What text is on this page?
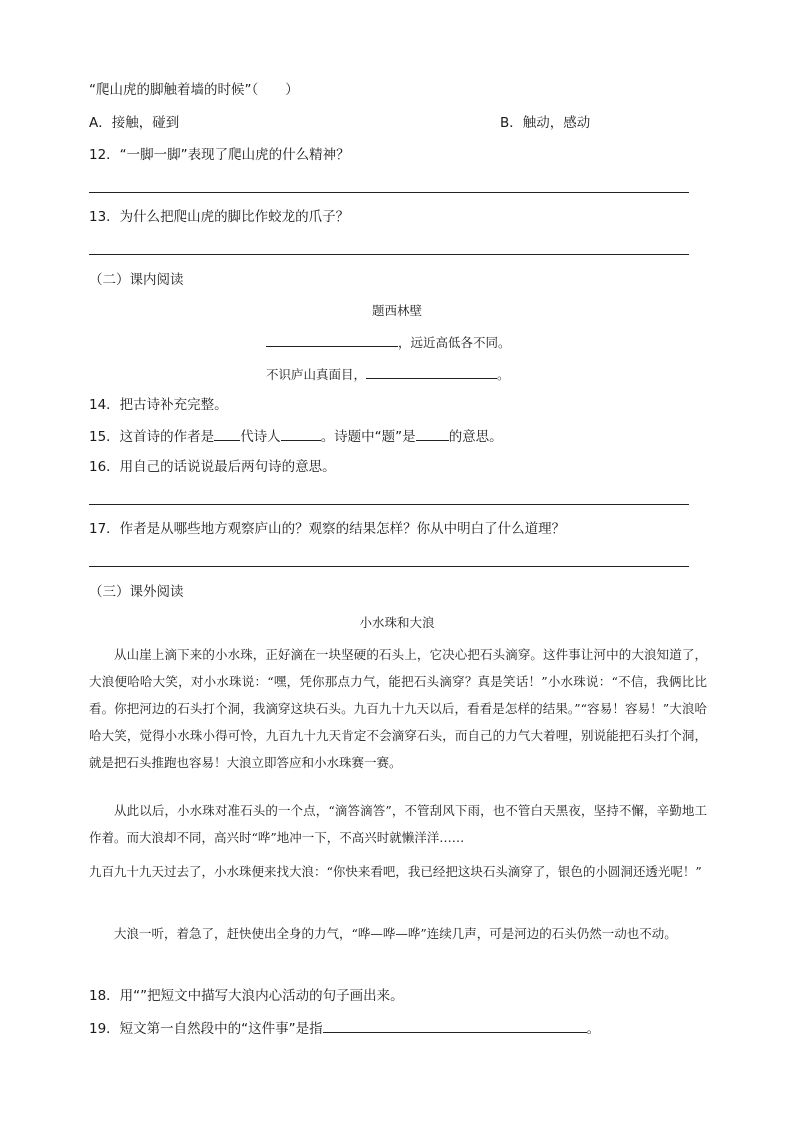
“爬山虎的脚触着墙的时候”（　　）
A．接触，碰到	B．触动，感动
12．“一脚一脚”表现了爬山虎的什么精神？
13．为什么把爬山虎的脚比作蛟龙的爪子？
（二）课内阅读
题西林壁
，远近高低各不同。
不识庐山真面目，	。
14．把古诗补充完整。
15．这首诗的作者是 代诗人	。诗题中“题”是 的意思。
16．用自己的话说说最后两句诗的意思。
17．作者是从哪些地方观察庐山的？观察的结果怎样？你从中明白了什么道理？
（三）课外阅读
小水珠和大浪
从山崖上滴下来的小水珠，正好滴在一块坚硬的石头上，它决心把石头滴穿。这件事让河中的大浪知道了，大浪便哈哈大笑，对小水珠说：“嘿，凭你那点力气，能把石头滴穿？真是笑话！”小水珠说：“不信，我俩比比看。你把河边的石头打个洞，我滴穿这块石头。九百九十九天以后，看看是怎样的结果。”“容易！容易！”大浪哈哈大笑，觉得小水珠小得可怜，九百九十九天肯定不会滴穿石头，而自己的力气大着哩，别说能把石头打个洞，就是把石头推跑也容易！大浪立即答应和小水珠赛一赛。
从此以后，小水珠对准石头的一个点，“滴答滴答”，不管刮风下雨，也不管白天黑夜，坚持不懈，辛勤地工作着。而大浪却不同，高兴时“哗”地冲一下，不高兴时就懒洋洋……
九百九十九天过去了，小水珠便来找大浪：“你快来看吧，我已经把这块石头滴穿了，银色的小圆洞还透光呢！”
大浪一听，着急了，赶快使出全身的力气，“哗—哗—哗”连续几声，可是河边的石头仍然一动也不动。
18．用“”把短文中描写大浪内心活动的句子画出来。
19．短文第一自然段中的“这件事”是指	。
